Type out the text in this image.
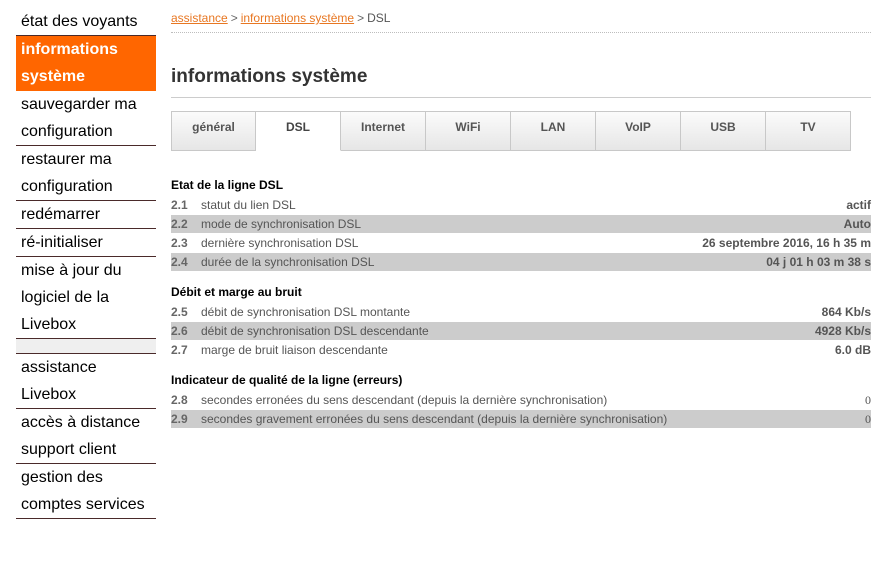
état des voyants
informations système
sauvegarder ma configuration
restaurer ma configuration
redémarrer
ré-initialiser
mise à jour du logiciel de la Livebox
assistance Livebox
accès à distance support client
gestion des comptes services
assistance > informations système > DSL
informations système
général	DSL	Internet	WiFi	LAN	VoIP	USB	TV
Etat de la ligne DSL
2.1 statut du lien DSL	actif
2.2 mode de synchronisation DSL	Auto
2.3 dernière synchronisation DSL	26 septembre 2016, 16 h 35 m
2.4 durée de la synchronisation DSL	04 j 01 h 03 m 38 s
Débit et marge au bruit
2.5 débit de synchronisation DSL montante	864 Kb/s
2.6 débit de synchronisation DSL descendante	4928 Kb/s
2.7 marge de bruit liaison descendante	6.0 dB
Indicateur de qualité de la ligne (erreurs)
2.8 secondes erronées du sens descendant (depuis la dernière synchronisation)	0
2.9 secondes gravement erronées du sens descendant (depuis la dernière synchronisation)	0
